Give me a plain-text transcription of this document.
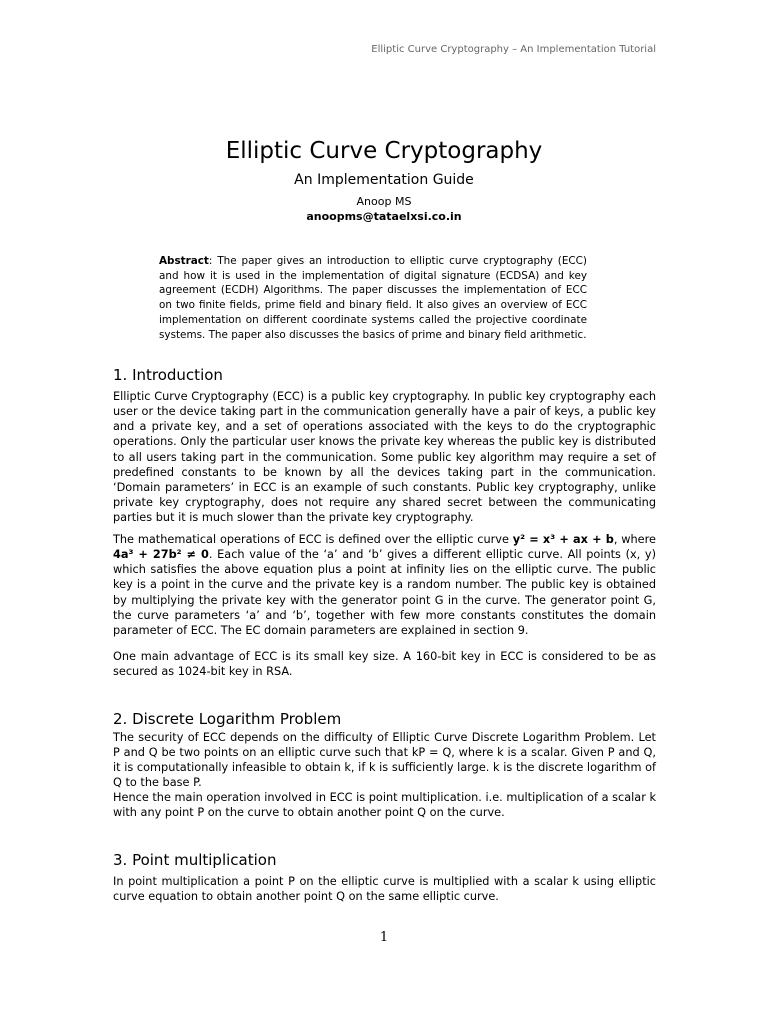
Elliptic Curve Cryptography – An Implementation Tutorial
Elliptic Curve Cryptography
An Implementation Guide
Anoop MS
anoopms@tataelxsi.co.in

Abstract: The paper gives an introduction to elliptic curve cryptography (ECC) and how it is used in the implementation of digital signature (ECDSA) and key agreement (ECDH) Algorithms. The paper discusses the implementation of ECC on two finite fields, prime field and binary field. It also gives an overview of ECC implementation on different coordinate systems called the projective coordinate systems. The paper also discusses the basics of prime and binary field arithmetic.

1. Introduction

Elliptic Curve Cryptography (ECC) is a public key cryptography. In public key cryptography each user or the device taking part in the communication generally have a pair of keys, a public key and a private key, and a set of operations associated with the keys to do the cryptographic operations. Only the particular user knows the private key whereas the public key is distributed to all users taking part in the communication. Some public key algorithm may require a set of predefined constants to be known by all the devices taking part in the communication. ‘Domain parameters’ in ECC is an example of such constants. Public key cryptography, unlike private key cryptography, does not require any shared secret between the communicating parties but it is much slower than the private key cryptography.

The mathematical operations of ECC is defined over the elliptic curve y² = x³ + ax + b, where 4a³ + 27b² ≠ 0. Each value of the ‘a’ and ‘b’ gives a different elliptic curve. All points (x, y) which satisfies the above equation plus a point at infinity lies on the elliptic curve. The public key is a point in the curve and the private key is a random number. The public key is obtained by multiplying the private key with the generator point G in the curve. The generator point G, the curve parameters ‘a’ and ‘b’, together with few more constants constitutes the domain parameter of ECC. The EC domain parameters are explained in section 9.

One main advantage of ECC is its small key size. A 160-bit key in ECC is considered to be as secured as 1024-bit key in RSA.

2. Discrete Logarithm Problem

The security of ECC depends on the difficulty of Elliptic Curve Discrete Logarithm Problem. Let P and Q be two points on an elliptic curve such that kP = Q, where k is a scalar. Given P and Q, it is computationally infeasible to obtain k, if k is sufficiently large. k is the discrete logarithm of Q to the base P.

Hence the main operation involved in ECC is point multiplication. i.e. multiplication of a scalar k with any point P on the curve to obtain another point Q on the curve.

3. Point multiplication

In point multiplication a point P on the elliptic curve is multiplied with a scalar k using elliptic curve equation to obtain another point Q on the same elliptic curve.

1
